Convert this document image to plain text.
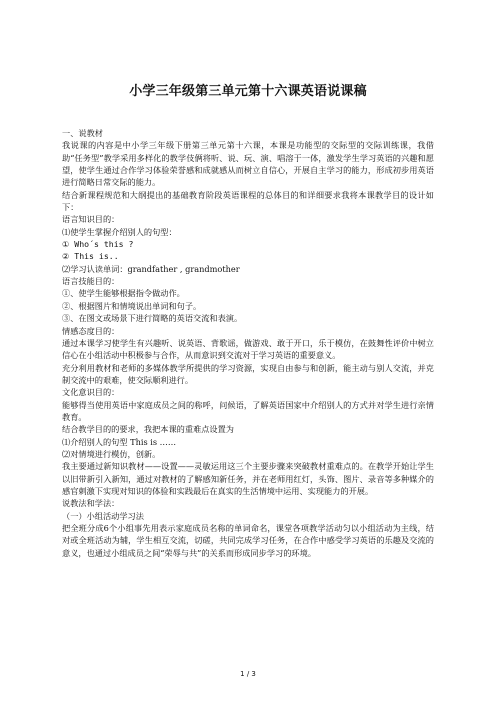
小学三年级第三单元第十六课英语说课稿

一、说教材

我说课的内容是中小学三年级下册第三单元第十六课，本课是功能型的交际型的交际训练课，我借助“任务型”教学采用多样化的教学伎俩将听、说、玩、演、唱溶于一体，激发学生学习英语的兴趣和愿望，使学生通过合作学习体验荣誉感和成就感从而树立自信心，开展自主学习的能力，形成初步用英语进行简略日常交际的能力。

结合新课程规范和大纲提出的基础教育阶段英语课程的总体目的和详细要求我将本课教学目的设计如下：

语言知识目的：

⑴使学生掌握介绍别人的句型：

① Who´s this ?

② This is..

⑵学习认读单词：grandfather , grandmother

语言技能目的：

①、使学生能够根据指令做动作。

②、根据图片和情境说出单词和句子。

③、在图文或场景下进行简略的英语交流和表演。

情感态度目的：

通过本课学习使学生有兴趣听、说英语、背歌谣，做游戏、敢于开口，乐于模仿，在鼓舞性评价中树立信心在小组活动中积极参与合作，从而意识到交流对于学习英语的重要意义。

充分利用教材和老师的多媒体教学所提供的学习资源，实现自由参与和创新，能主动与别人交流，并克制交流中的艰难，使交际顺利进行。

文化意识目的：

能够得当使用英语中家庭成员之间的称呼，问候语，了解英语国家中介绍别人的方式并对学生进行亲情教育。

结合教学目的的要求，我把本课的重难点设置为

⑴介绍别人的句型 This is ……

⑵对情境进行模仿，创新。

我主要通过新知识教材——设置——灵敏运用这三个主要步骤来突破教材重难点的。在教学开始让学生以旧带新引入新知，通过对教材的了解感知新任务，并在老师用红灯，头饰、图片、录音等多种媒介的感官刺激下实现对知识的体验和实践最后在真实的生活情境中运用、实现能力的开展。

说教法和学法：

（一）小组活动学习法

把全班分成6个小组事先用表示家庭成员名称的单词命名，课堂各项教学活动匀以小组活动为主线，结对或全班活动为辅，学生相互交流，切磋，共同完成学习任务，在合作中感受学习英语的乐趣及交流的意义，也通过小组成员之间“荣辱与共”的关系而形成同步学习的环境。

1 / 3
